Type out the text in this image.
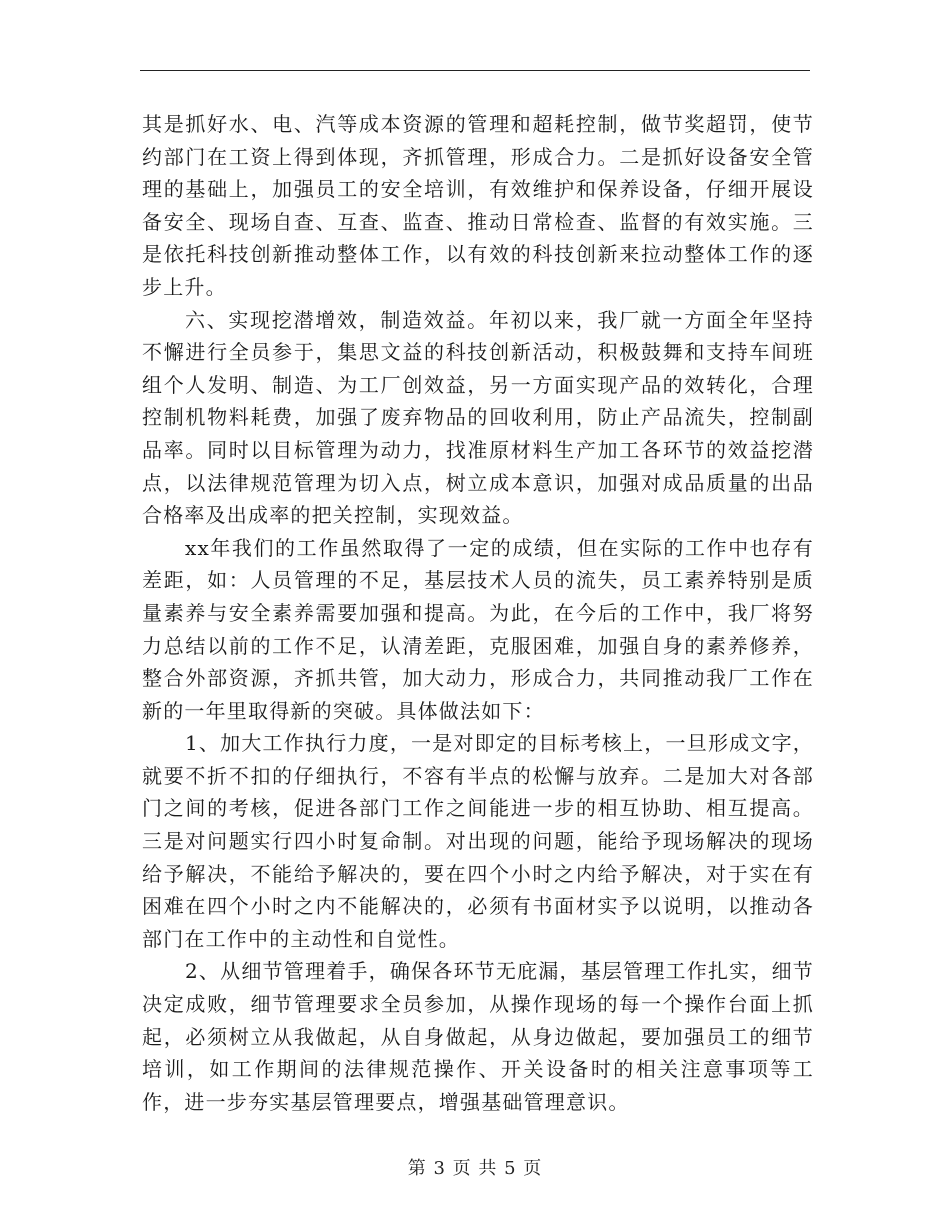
其是抓好水、电、汽等成本资源的管理和超耗控制，做节奖超罚，使节约部门在工资上得到体现，齐抓管理，形成合力。二是抓好设备安全管理的基础上，加强员工的安全培训，有效维护和保养设备，仔细开展设备安全、现场自查、互查、监查、推动日常检查、监督的有效实施。三是依托科技创新推动整体工作，以有效的科技创新来拉动整体工作的逐步上升。

六、实现挖潜增效，制造效益。年初以来，我厂就一方面全年坚持不懈进行全员参于，集思文益的科技创新活动，积极鼓舞和支持车间班组个人发明、制造、为工厂创效益，另一方面实现产品的效转化，合理控制机物料耗费，加强了废弃物品的回收利用，防止产品流失，控制副品率。同时以目标管理为动力，找准原材料生产加工各环节的效益挖潜点，以法律规范管理为切入点，树立成本意识，加强对成品质量的出品合格率及出成率的把关控制，实现效益。

xx年我们的工作虽然取得了一定的成绩，但在实际的工作中也存有差距，如：人员管理的不足，基层技术人员的流失，员工素养特别是质量素养与安全素养需要加强和提高。为此，在今后的工作中，我厂将努力总结以前的工作不足，认清差距，克服困难，加强自身的素养修养，整合外部资源，齐抓共管，加大动力，形成合力，共同推动我厂工作在新的一年里取得新的突破。具体做法如下：

1、加大工作执行力度，一是对即定的目标考核上，一旦形成文字，就要不折不扣的仔细执行，不容有半点的松懈与放弃。二是加大对各部门之间的考核，促进各部门工作之间能进一步的相互协助、相互提高。三是对问题实行四小时复命制。对出现的问题，能给予现场解决的现场给予解决，不能给予解决的，要在四个小时之内给予解决，对于实在有困难在四个小时之内不能解决的，必须有书面材实予以说明，以推动各部门在工作中的主动性和自觉性。

2、从细节管理着手，确保各环节无庇漏，基层管理工作扎实，细节决定成败，细节管理要求全员参加，从操作现场的每一个操作台面上抓起，必须树立从我做起，从自身做起，从身边做起，要加强员工的细节培训，如工作期间的法律规范操作、开关设备时的相关注意事项等工作，进一步夯实基层管理要点，增强基础管理意识。

第 3 页 共 5 页
